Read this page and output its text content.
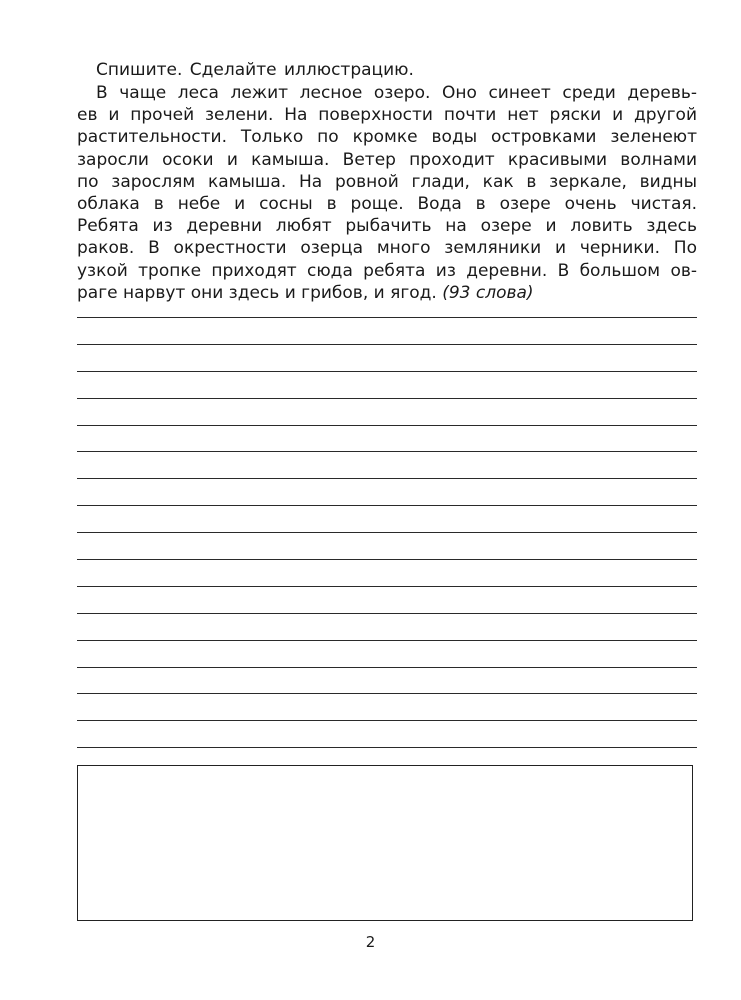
Спишите. Сделайте иллюстрацию.
В чаще леса лежит лесное озеро. Оно синеет среди деревь-
ев и прочей зелени. На поверхности почти нет ряски и другой
растительности. Только по кромке воды островками зеленеют
заросли осоки и камыша. Ветер проходит красивыми волнами
по зарослям камыша. На ровной глади, как в зеркале, видны
облака в небе и сосны в роще. Вода в озере очень чистая.
Ребята из деревни любят рыбачить на озере и ловить здесь
раков. В окрестности озерца много земляники и черники. По
узкой тропке приходят сюда ребята из деревни. В большом ов-
раге нарвут они здесь и грибов, и ягод. (93 слова)
2
